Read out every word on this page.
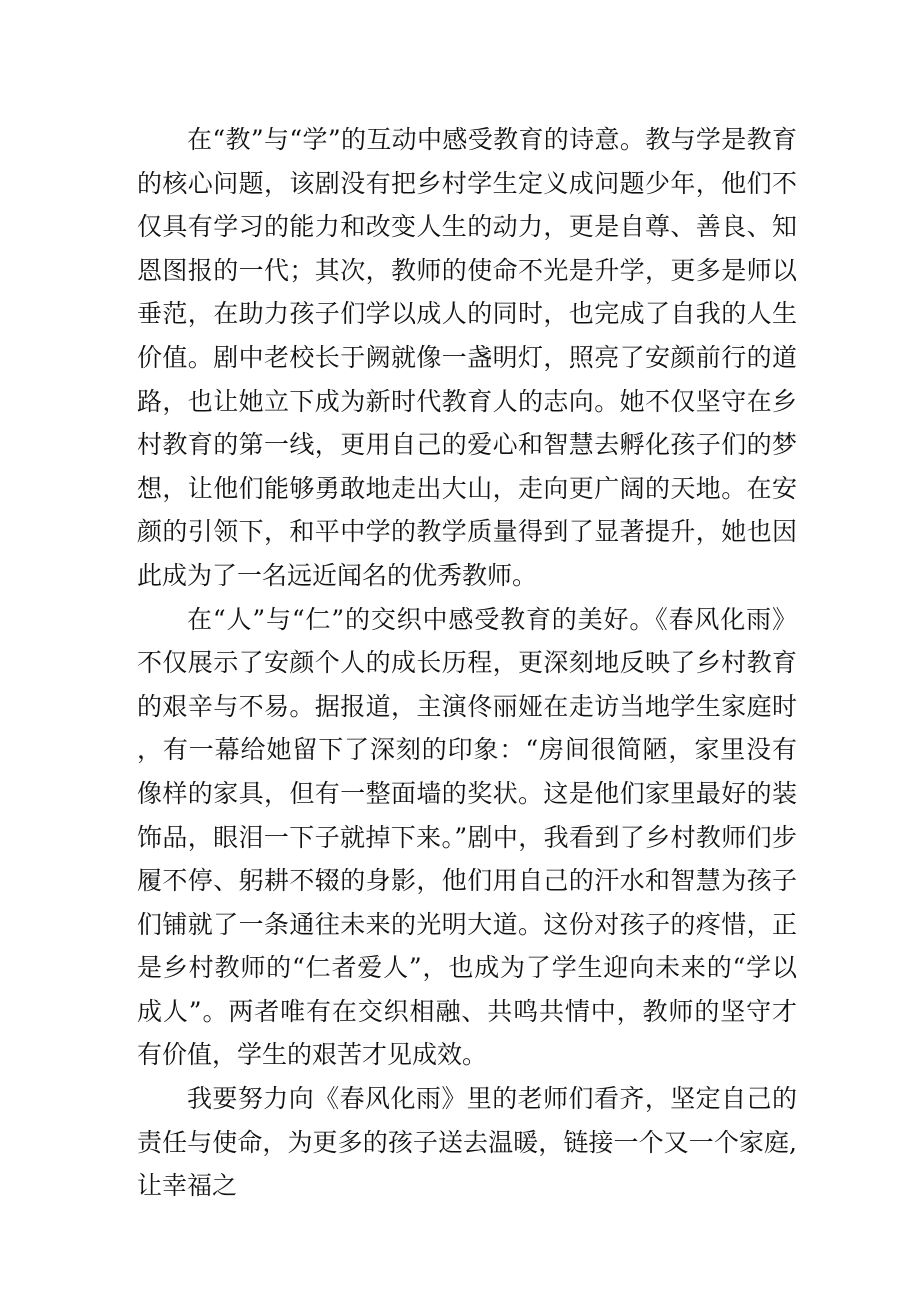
在“教”与“学”的互动中感受教育的诗意。教与学是教育的核心问题，该剧没有把乡村学生定义成问题少年，他们不仅具有学习的能力和改变人生的动力，更是自尊、善良、知恩图报的一代；其次，教师的使命不光是升学，更多是师以垂范，在助力孩子们学以成人的同时，也完成了自我的人生价值。剧中老校长于阙就像一盏明灯，照亮了安颜前行的道路，也让她立下成为新时代教育人的志向。她不仅坚守在乡村教育的第一线，更用自己的爱心和智慧去孵化孩子们的梦想，让他们能够勇敢地走出大山，走向更广阔的天地。在安颜的引领下，和平中学的教学质量得到了显著提升，她也因此成为了一名远近闻名的优秀教师。

在“人”与“仁”的交织中感受教育的美好。《春风化雨》不仅展示了安颜个人的成长历程，更深刻地反映了乡村教育的艰辛与不易。据报道，主演佟丽娅在走访当地学生家庭时，有一幕给她留下了深刻的印象：“房间很简陋，家里没有像样的家具，但有一整面墙的奖状。这是他们家里最好的装饰品，眼泪一下子就掉下来。”剧中，我看到了乡村教师们步履不停、躬耕不辍的身影，他们用自己的汗水和智慧为孩子们铺就了一条通往未来的光明大道。这份对孩子的疼惜，正是乡村教师的“仁者爱人”，也成为了学生迎向未来的“学以成人”。两者唯有在交织相融、共鸣共情中，教师的坚守才有价值，学生的艰苦才见成效。

我要努力向《春风化雨》里的老师们看齐，坚定自己的责任与使命，为更多的孩子送去温暖，链接一个又一个家庭,让幸福之
